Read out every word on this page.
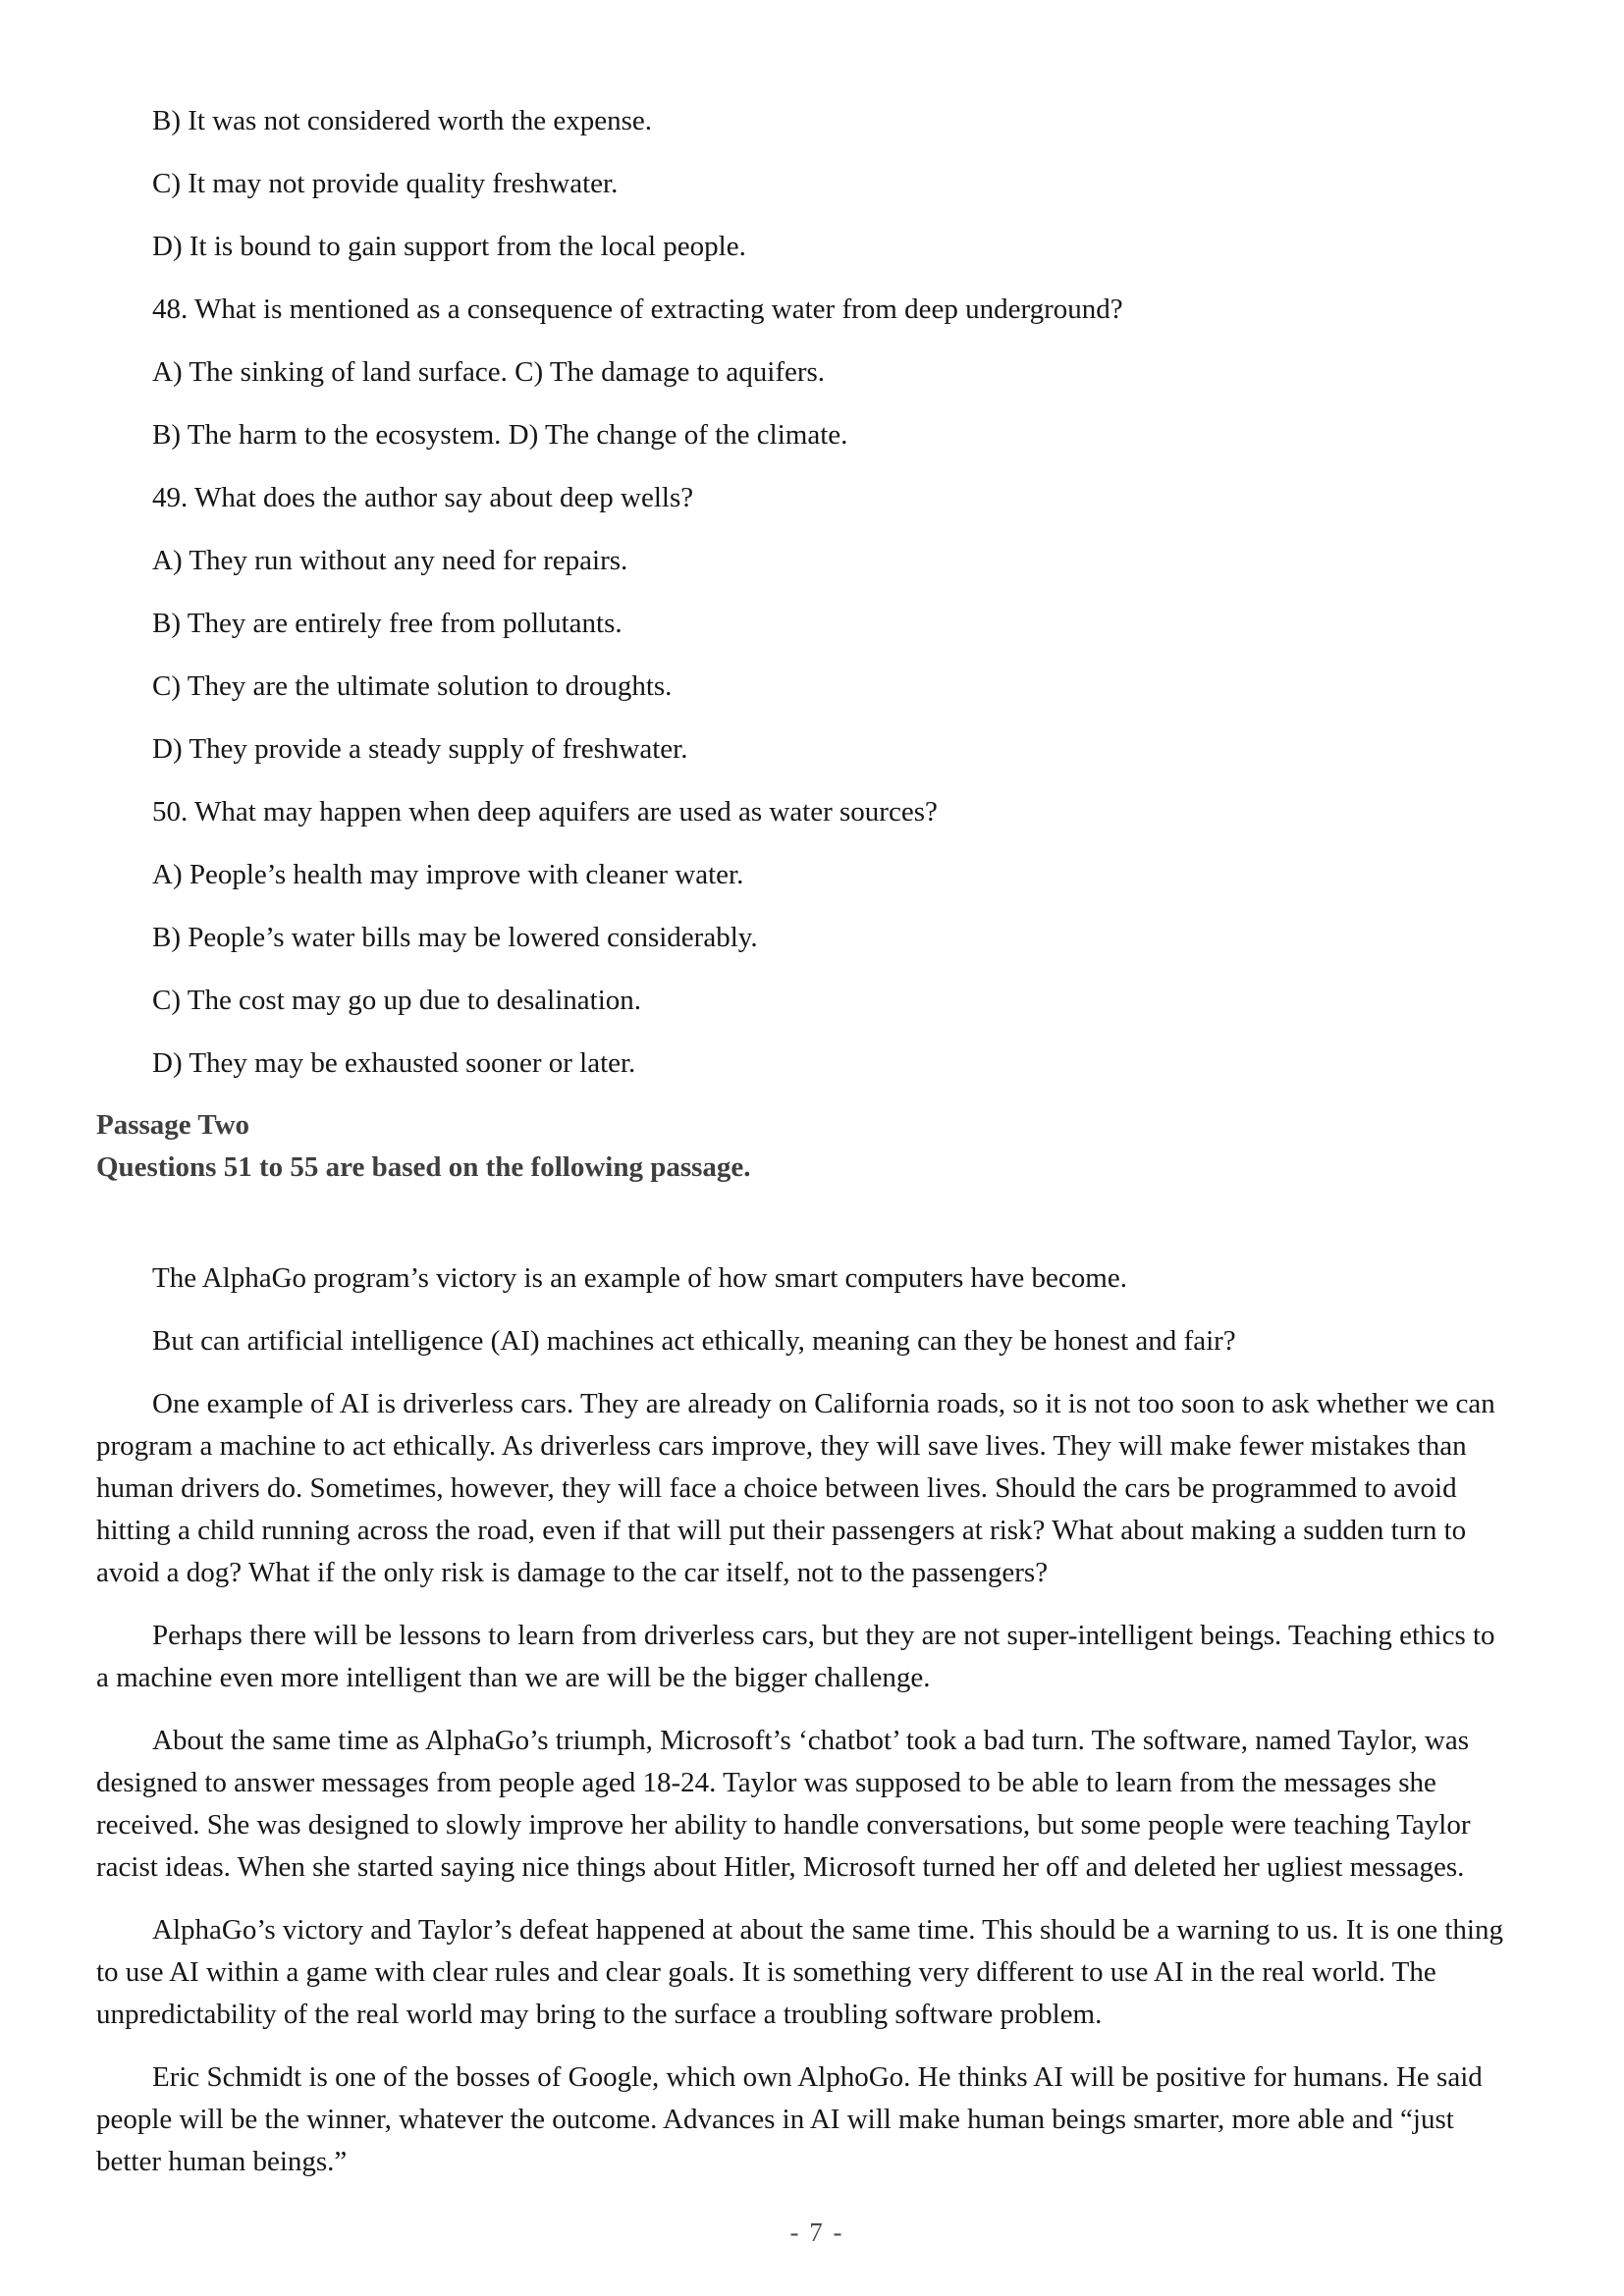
B) It was not considered worth the expense.
C) It may not provide quality freshwater.
D) It is bound to gain support from the local people.
48. What is mentioned as a consequence of extracting water from deep underground?
A) The sinking of land surface. C) The damage to aquifers.
B) The harm to the ecosystem. D) The change of the climate.
49. What does the author say about deep wells?
A) They run without any need for repairs.
B) They are entirely free from pollutants.
C) They are the ultimate solution to droughts.
D) They provide a steady supply of freshwater.
50. What may happen when deep aquifers are used as water sources?
A) People’s health may improve with cleaner water.
B) People’s water bills may be lowered considerably.
C) The cost may go up due to desalination.
D) They may be exhausted sooner or later.
Passage Two
Questions 51 to 55 are based on the following passage.
The AlphaGo program’s victory is an example of how smart computers have become.
But can artificial intelligence (AI) machines act ethically, meaning can they be honest and fair?
One example of AI is driverless cars. They are already on California roads, so it is not too soon to ask whether we can
program a machine to act ethically. As driverless cars improve, they will save lives. They will make fewer mistakes than
human drivers do. Sometimes, however, they will face a choice between lives. Should the cars be programmed to avoid
hitting a child running across the road, even if that will put their passengers at risk? What about making a sudden turn to
avoid a dog? What if the only risk is damage to the car itself, not to the passengers?
Perhaps there will be lessons to learn from driverless cars, but they are not super-intelligent beings. Teaching ethics to
a machine even more intelligent than we are will be the bigger challenge.
About the same time as AlphaGo’s triumph, Microsoft’s ‘chatbot’ took a bad turn. The software, named Taylor, was
designed to answer messages from people aged 18-24. Taylor was supposed to be able to learn from the messages she
received. She was designed to slowly improve her ability to handle conversations, but some people were teaching Taylor
racist ideas. When she started saying nice things about Hitler, Microsoft turned her off and deleted her ugliest messages.
AlphaGo’s victory and Taylor’s defeat happened at about the same time. This should be a warning to us. It is one thing
to use AI within a game with clear rules and clear goals. It is something very different to use AI in the real world. The
unpredictability of the real world may bring to the surface a troubling software problem.
Eric Schmidt is one of the bosses of Google, which own AlphoGo. He thinks AI will be positive for humans. He said
people will be the winner, whatever the outcome. Advances in AI will make human beings smarter, more able and “just
better human beings.”
- 7 -
